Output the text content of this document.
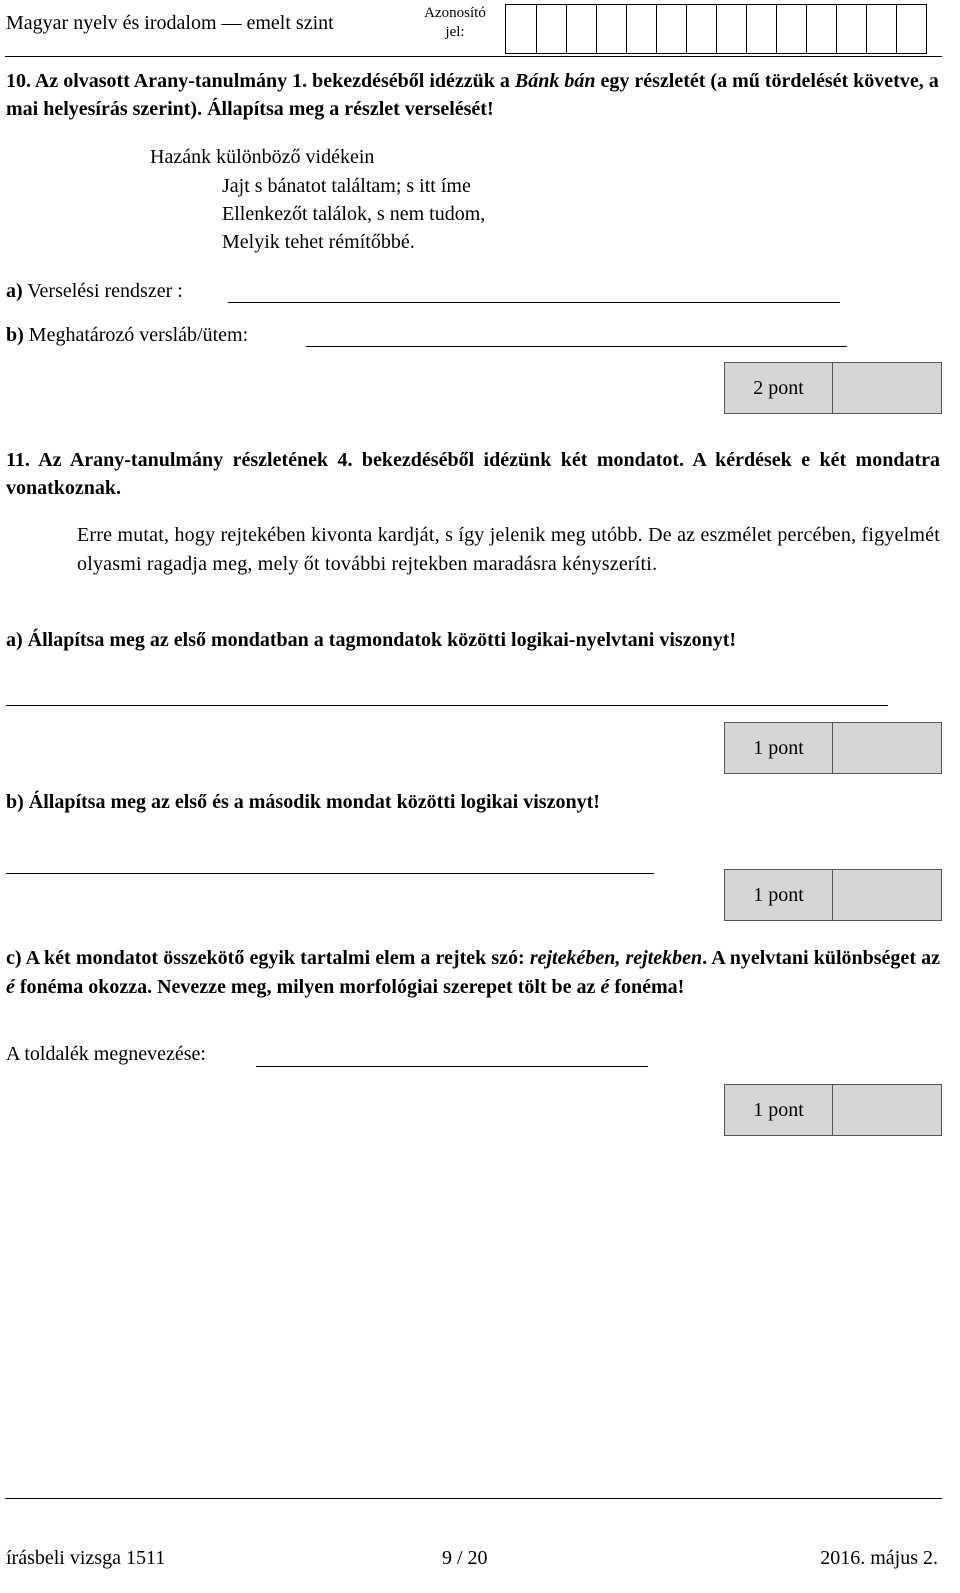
Magyar nyelv és irodalom — emelt szint	Azonosító jel:

10. Az olvasott Arany-tanulmány 1. bekezdéséből idézzük a Bánk bán egy részletét (a mű tördelését követve, a mai helyesírás szerint). Állapítsa meg a részlet verselését!

Hazánk különböző vidékein
Jajt s bánatot találtam; s itt íme
Ellenkezőt találok, s nem tudom,
Melyik tehet rémítőbbé.
a) Verselési rendszer :
b) Meghatározó versláb/ütem:
2 pont

11. Az Arany-tanulmány részletének 4. bekezdéséből idézünk két mondatot. A kérdések e két mondatra vonatkoznak.

Erre mutat, hogy rejtekében kivonta kardját, s így jelenik meg utóbb. De az eszmélet percében, figyelmét olyasmi ragadja meg, mely őt további rejtekben maradásra kényszeríti.

a) Állapítsa meg az első mondatban a tagmondatok közötti logikai-nyelvtani viszonyt!

1 pont

b) Állapítsa meg az első és a második mondat közötti logikai viszonyt!

1 pont

c) A két mondatot összekötő egyik tartalmi elem a rejtek szó: rejtekében, rejtekben. A nyelvtani különbséget az é fonéma okozza. Nevezze meg, milyen morfológiai szerepet tölt be az é fonéma!

A toldalék megnevezése:
1 pont
írásbeli vizsga 1511	9 / 20	2016. május 2.
